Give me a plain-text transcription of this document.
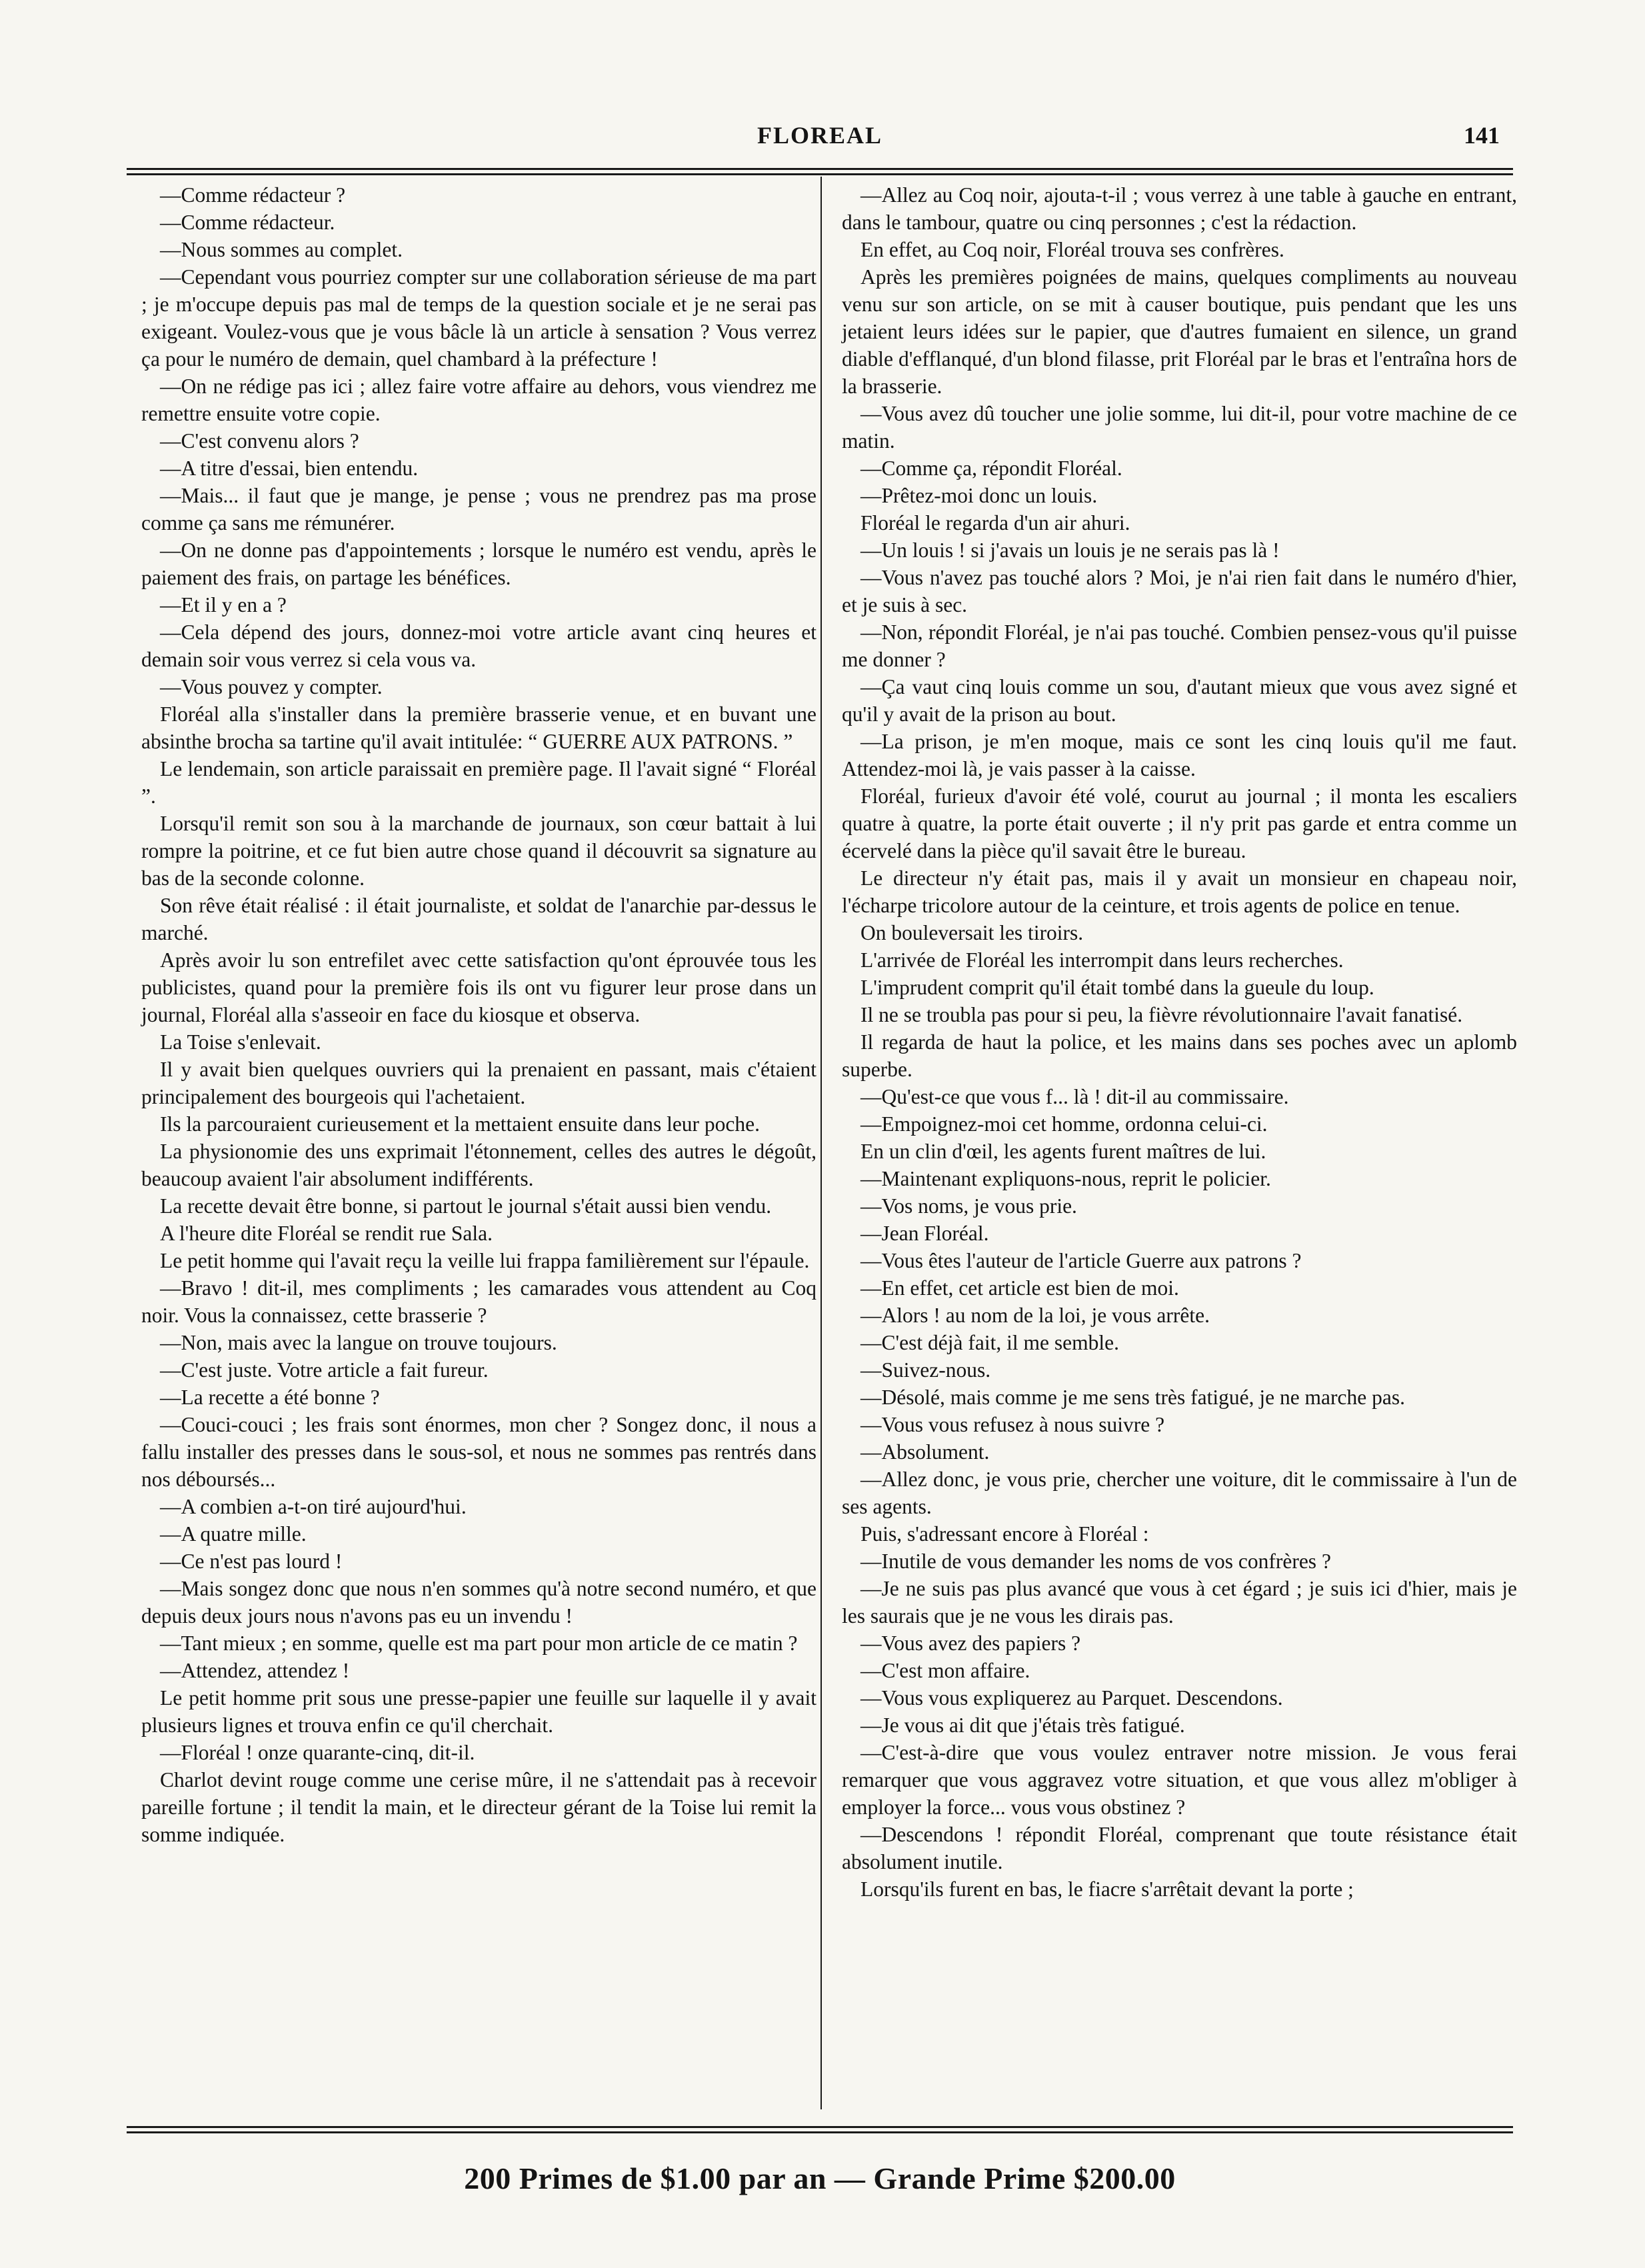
FLOREAL	141

—Comme rédacteur ?

—Comme rédacteur.

—Nous sommes au complet.

—Cependant vous pourriez compter sur une collaboration sérieuse de ma part ; je m'occupe depuis pas mal de temps de la question sociale et je ne serai pas exigeant. Voulez-vous que je vous bâcle là un article à sensation ? Vous verrez ça pour le numéro de demain, quel chambard à la préfecture !

—On ne rédige pas ici ; allez faire votre affaire au dehors, vous viendrez me remettre ensuite votre copie.

—C'est convenu alors ?

—A titre d'essai, bien entendu.

—Mais... il faut que je mange, je pense ; vous ne prendrez pas ma prose comme ça sans me rémunérer.

—On ne donne pas d'appointements ; lorsque le numéro est vendu, après le paiement des frais, on partage les bénéfices.

—Et il y en a ?

—Cela dépend des jours, donnez-moi votre article avant cinq heures et demain soir vous verrez si cela vous va.

—Vous pouvez y compter.

Floréal alla s'installer dans la première brasserie venue, et en buvant une absinthe brocha sa tartine qu'il avait intitulée: “ GUERRE AUX PATRONS. ”

Le lendemain, son article paraissait en première page. Il l'avait signé “ Floréal ”.

Lorsqu'il remit son sou à la marchande de journaux, son cœur battait à lui rompre la poitrine, et ce fut bien autre chose quand il découvrit sa signature au bas de la seconde colonne.

Son rêve était réalisé : il était journaliste, et soldat de l'anarchie par-dessus le marché.

Après avoir lu son entrefilet avec cette satisfaction qu'ont éprouvée tous les publicistes, quand pour la première fois ils ont vu figurer leur prose dans un journal, Floréal alla s'asseoir en face du kiosque et observa.

La Toise s'enlevait.

Il y avait bien quelques ouvriers qui la prenaient en passant, mais c'étaient principalement des bourgeois qui l'achetaient.

Ils la parcouraient curieusement et la mettaient ensuite dans leur poche.

La physionomie des uns exprimait l'étonnement, celles des autres le dégoût, beaucoup avaient l'air absolument indifférents.

La recette devait être bonne, si partout le journal s'était aussi bien vendu.

A l'heure dite Floréal se rendit rue Sala.

Le petit homme qui l'avait reçu la veille lui frappa familièrement sur l'épaule.

—Bravo ! dit-il, mes compliments ; les camarades vous attendent au Coq noir. Vous la connaissez, cette brasserie ?

—Non, mais avec la langue on trouve toujours.

—C'est juste. Votre article a fait fureur.

—La recette a été bonne ?

—Couci-couci ; les frais sont énormes, mon cher ? Songez donc, il nous a fallu installer des presses dans le sous-sol, et nous ne sommes pas rentrés dans nos déboursés...

—A combien a-t-on tiré aujourd'hui.

—A quatre mille.

—Ce n'est pas lourd !

—Mais songez donc que nous n'en sommes qu'à notre second numéro, et que depuis deux jours nous n'avons pas eu un invendu !

—Tant mieux ; en somme, quelle est ma part pour mon article de ce matin ?

—Attendez, attendez !

Le petit homme prit sous une presse-papier une feuille sur laquelle il y avait plusieurs lignes et trouva enfin ce qu'il cherchait.

—Floréal ! onze quarante-cinq, dit-il.

Charlot devint rouge comme une cerise mûre, il ne s'attendait pas à recevoir pareille fortune ; il tendit la main, et le directeur gérant de la Toise lui remit la somme indiquée.

—Allez au Coq noir, ajouta-t-il ; vous verrez à une table à gauche en entrant, dans le tambour, quatre ou cinq personnes ; c'est la rédaction.

En effet, au Coq noir, Floréal trouva ses confrères.

Après les premières poignées de mains, quelques compliments au nouveau venu sur son article, on se mit à causer boutique, puis pendant que les uns jetaient leurs idées sur le papier, que d'autres fumaient en silence, un grand diable d'efflanqué, d'un blond filasse, prit Floréal par le bras et l'entraîna hors de la brasserie.

—Vous avez dû toucher une jolie somme, lui dit-il, pour votre machine de ce matin.

—Comme ça, répondit Floréal.

—Prêtez-moi donc un louis.

Floréal le regarda d'un air ahuri.

—Un louis ! si j'avais un louis je ne serais pas là !

—Vous n'avez pas touché alors ? Moi, je n'ai rien fait dans le numéro d'hier, et je suis à sec.

—Non, répondit Floréal, je n'ai pas touché. Combien pensez-vous qu'il puisse me donner ?

—Ça vaut cinq louis comme un sou, d'autant mieux que vous avez signé et qu'il y avait de la prison au bout.

—La prison, je m'en moque, mais ce sont les cinq louis qu'il me faut. Attendez-moi là, je vais passer à la caisse.

Floréal, furieux d'avoir été volé, courut au journal ; il monta les escaliers quatre à quatre, la porte était ouverte ; il n'y prit pas garde et entra comme un écervelé dans la pièce qu'il savait être le bureau.

Le directeur n'y était pas, mais il y avait un monsieur en chapeau noir, l'écharpe tricolore autour de la ceinture, et trois agents de police en tenue.

On bouleversait les tiroirs.

L'arrivée de Floréal les interrompit dans leurs recherches.

L'imprudent comprit qu'il était tombé dans la gueule du loup.

Il ne se troubla pas pour si peu, la fièvre révolutionnaire l'avait fanatisé.

Il regarda de haut la police, et les mains dans ses poches avec un aplomb superbe.

—Qu'est-ce que vous f... là ! dit-il au commissaire.

—Empoignez-moi cet homme, ordonna celui-ci.

En un clin d'œil, les agents furent maîtres de lui.

—Maintenant expliquons-nous, reprit le policier.

—Vos noms, je vous prie.

—Jean Floréal.

—Vous êtes l'auteur de l'article Guerre aux patrons ?

—En effet, cet article est bien de moi.

—Alors ! au nom de la loi, je vous arrête.

—C'est déjà fait, il me semble.

—Suivez-nous.

—Désolé, mais comme je me sens très fatigué, je ne marche pas.

—Vous vous refusez à nous suivre ?

—Absolument.

—Allez donc, je vous prie, chercher une voiture, dit le commissaire à l'un de ses agents.

Puis, s'adressant encore à Floréal :

—Inutile de vous demander les noms de vos confrères ?

—Je ne suis pas plus avancé que vous à cet égard ; je suis ici d'hier, mais je les saurais que je ne vous les dirais pas.

—Vous avez des papiers ?

—C'est mon affaire.

—Vous vous expliquerez au Parquet. Descendons.

—Je vous ai dit que j'étais très fatigué.

—C'est-à-dire que vous voulez entraver notre mission. Je vous ferai remarquer que vous aggravez votre situation, et que vous allez m'obliger à employer la force... vous vous obstinez ?

—Descendons ! répondit Floréal, comprenant que toute résistance était absolument inutile.

Lorsqu'ils furent en bas, le fiacre s'arrêtait devant la porte ;

200 Primes de $1.00 par an — Grande Prime $200.00
